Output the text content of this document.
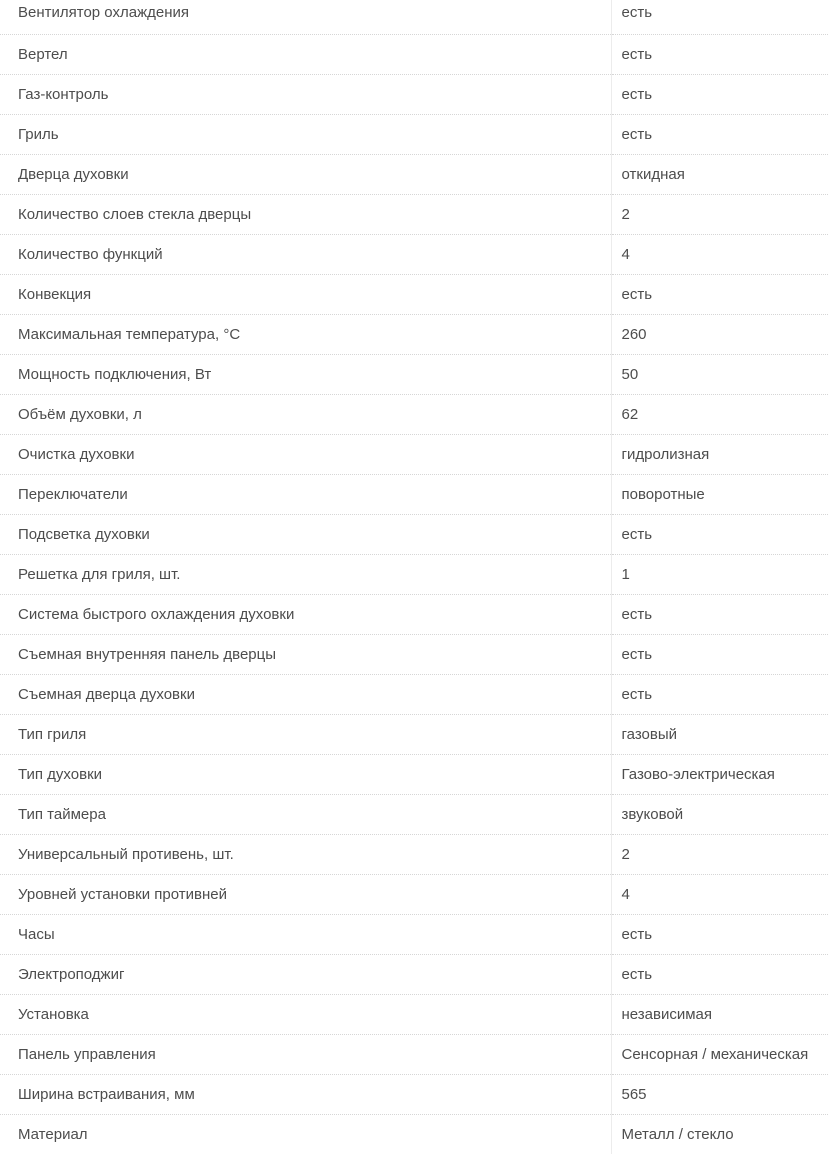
Вентилятор охлаждения	есть
Вертел	есть
Газ-контроль	есть
Гриль	есть
Дверца духовки	откидная
Количество слоев стекла дверцы	2
Количество функций	4
Конвекция	есть
Максимальная температура, °С	260
Мощность подключения, Вт	50
Объём духовки, л	62
Очистка духовки	гидролизная
Переключатели	поворотные
Подсветка духовки	есть
Решетка для гриля, шт.	1
Система быстрого охлаждения духовки	есть
Съемная внутренняя панель дверцы	есть
Съемная дверца духовки	есть
Тип гриля	газовый
Тип духовки	Газово-электрическая
Тип таймера	звуковой
Универсальный противень, шт.	2
Уровней установки противней	4
Часы	есть
Электроподжиг	есть
Установка	независимая
Панель управления	Сенсорная / механическая
Ширина встраивания, мм	565
Материал	Металл / стекло
